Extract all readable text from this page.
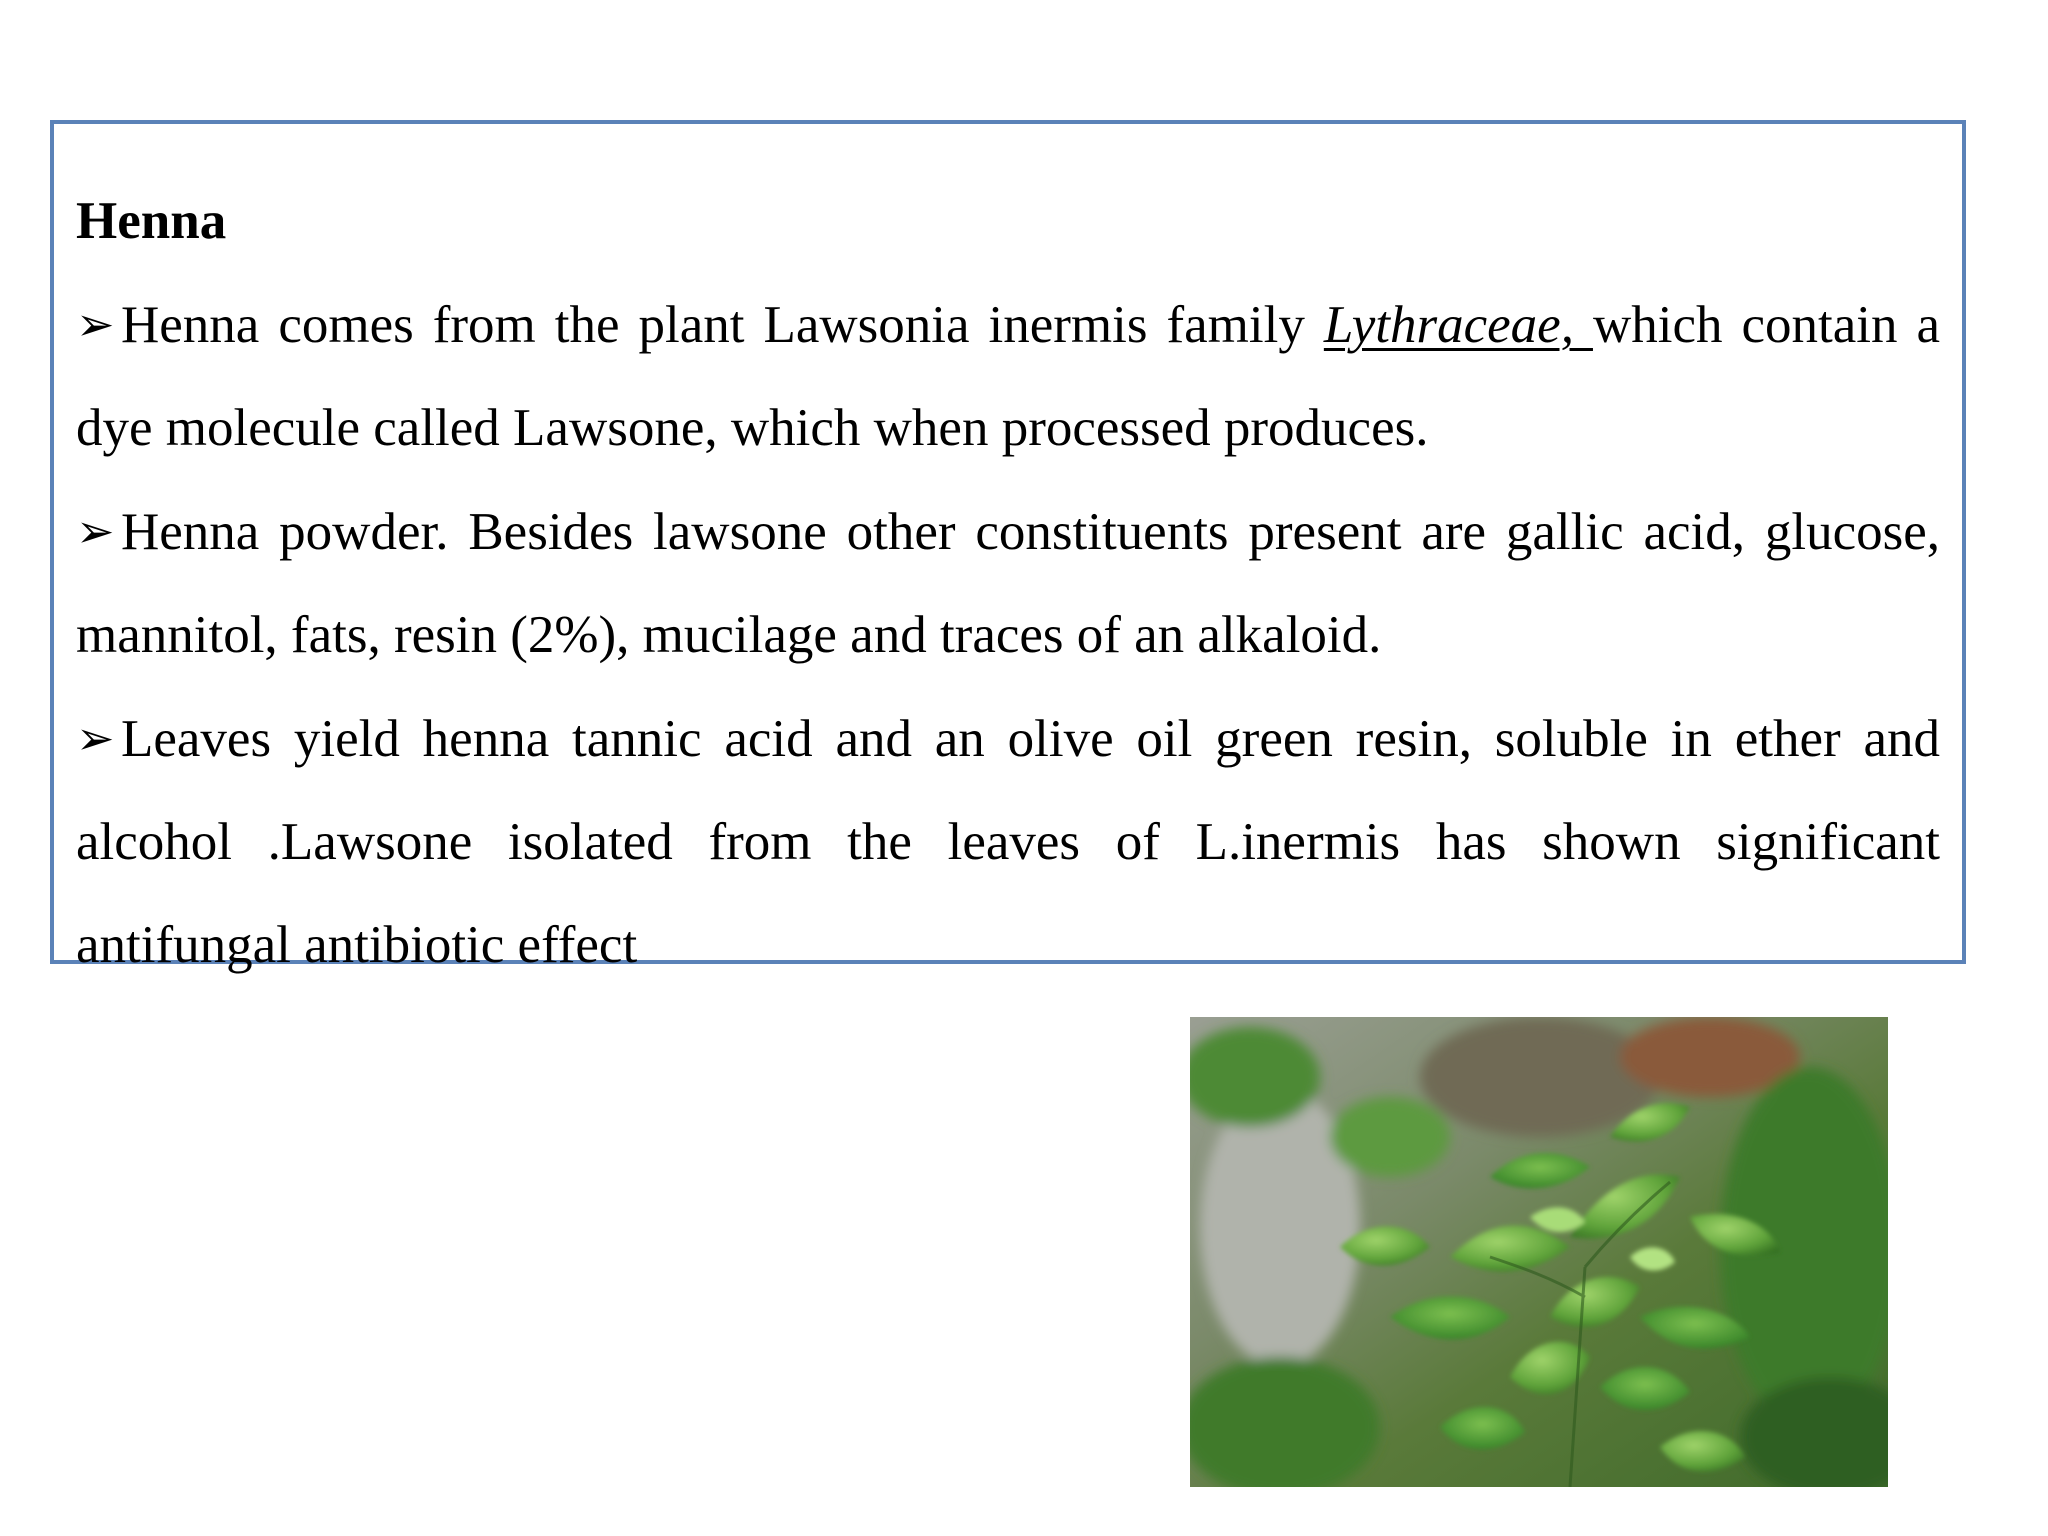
Henna

➢ Henna comes from the plant Lawsonia inermis family Lythraceae, which contain a dye molecule called Lawsone, which when processed produces.

➢ Henna powder. Besides lawsone other constituents present are gallic acid, glucose, mannitol, fats, resin (2%), mucilage and traces of an alkaloid.

➢ Leaves yield henna tannic acid and an olive oil green resin, soluble in ether and alcohol .Lawsone isolated from the leaves of L.inermis has shown significant antifungal antibiotic effect
